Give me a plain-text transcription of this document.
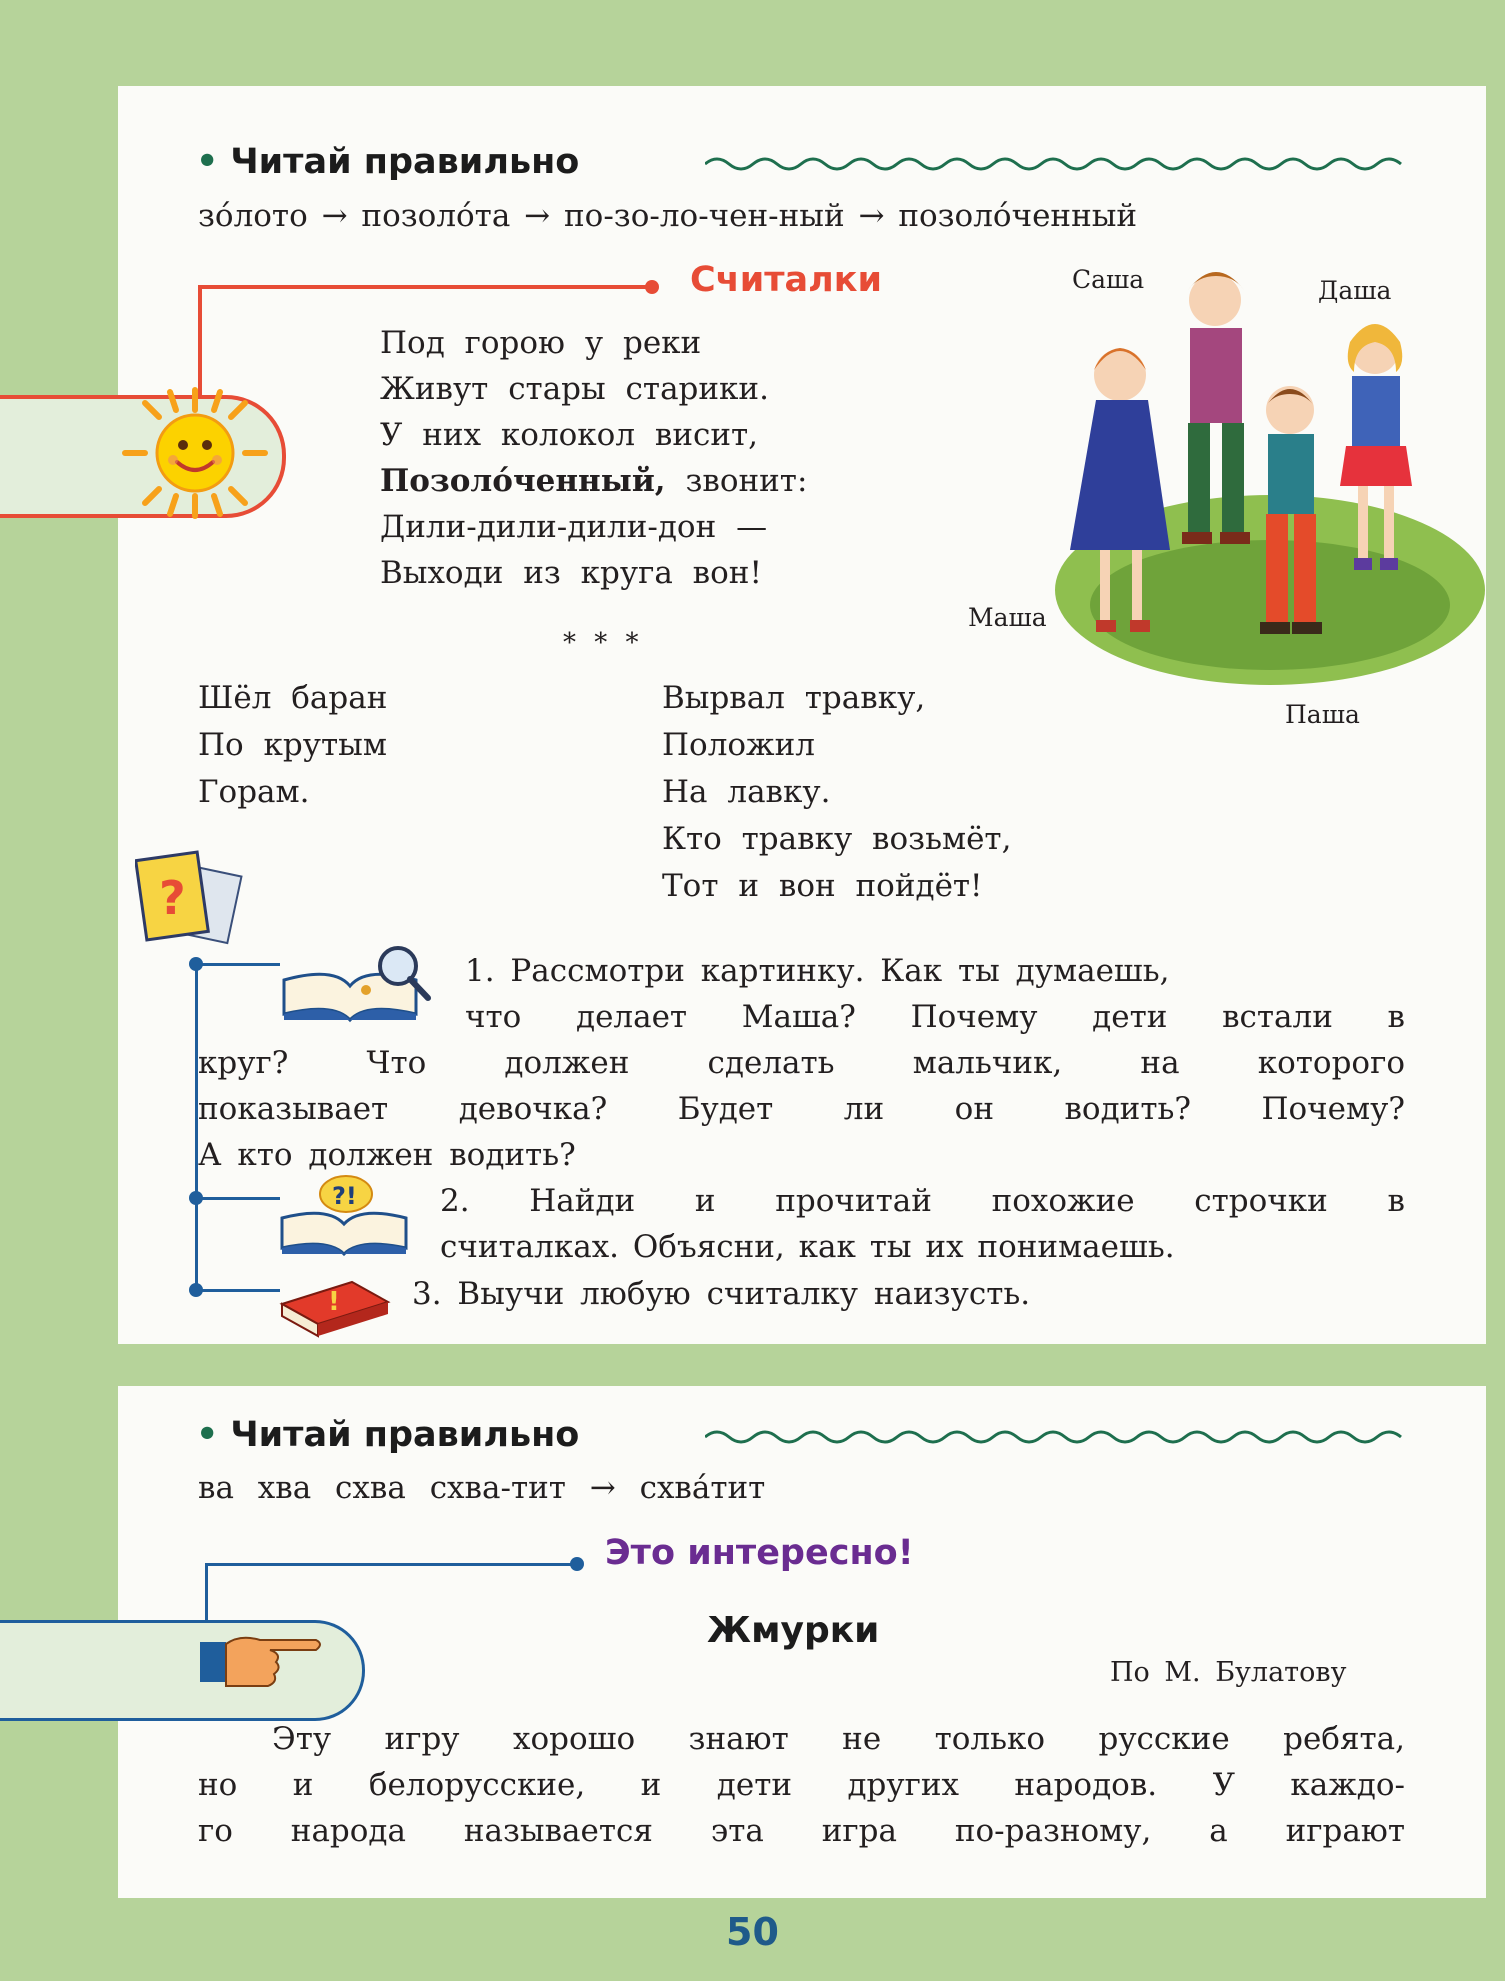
• Читай правильно
зо́лото → позоло́та → по-зо-ло-чен-ный → позоло́ченный
Считалки
Под горою у реки
Живут стары старики.
У них колокол висит,
Позоло́ченный, звонит:
Дили-дили-дили-дон —
Выходи из круга вон!
* * *
Шёл баран
По крутым
Горам.
Вырвал травку,
Положил
На лавку.
Кто травку возьмёт,
Тот и вон пойдёт!
Саша	Даша
Маша
Паша
?
?!
!
1. Рассмотри картинку. Как ты думаешь,
что делает Маша? Почему дети встали в
круг? Что должен сделать мальчик, на которого
показывает девочка? Будет ли он водить? Почему?
А кто должен водить?
2. Найди и прочитай похожие строчки в
считалках. Объясни, как ты их понимаешь.
3. Выучи любую считалку наизусть.
• Читай правильно
ва хва схва схва-тит → схва́тит
Это интересно!
Жмурки
По М. Булатову
Эту игру хорошо знают не только русские ребята,
но и белорусские, и дети других народов. У каждо-
го народа называется эта игра по-разному, а играют
50
